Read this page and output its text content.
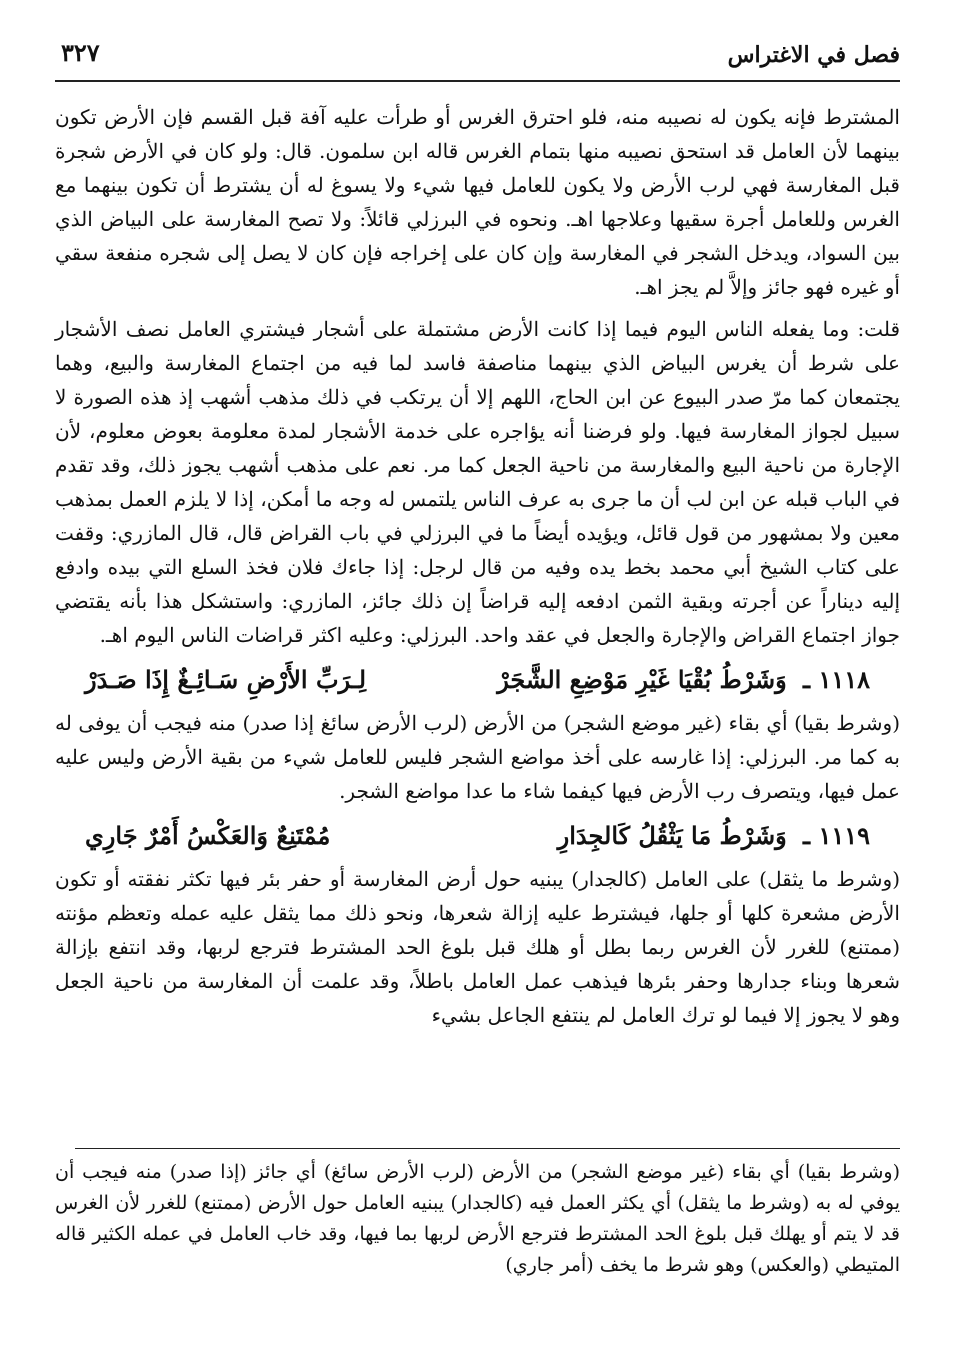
فصل في الاغتراس
٣٢٧

المشترط فإنه يكون له نصيبه منه، فلو احترق الغرس أو طرأت عليه آفة قبل القسم فإن الأرض تكون بينهما لأن العامل قد استحق نصيبه منها بتمام الغرس قاله ابن سلمون. قال: ولو كان في الأرض شجرة قبل المغارسة فهي لرب الأرض ولا يكون للعامل فيها شيء ولا يسوغ له أن يشترط أن تكون بينهما مع الغرس وللعامل أجرة سقيها وعلاجها اهـ. ونحوه في البرزلي قائلاً: ولا تصح المغارسة على البياض الذي بين السواد، ويدخل الشجر في المغارسة وإن كان على إخراجه فإن كان لا يصل إلى شجره منفعة سقي أو غيره فهو جائز وإلاَّ لم يجز اهـ.

قلت: وما يفعله الناس اليوم فيما إذا كانت الأرض مشتملة على أشجار فيشتري العامل نصف الأشجار على شرط أن يغرس البياض الذي بينهما مناصفة فاسد لما فيه من اجتماع المغارسة والبيع، وهما يجتمعان كما مرّ صدر البيوع عن ابن الحاج، اللهم إلا أن يرتكب في ذلك مذهب أشهب إذ هذه الصورة لا سبيل لجواز المغارسة فيها. ولو فرضنا أنه يؤاجره على خدمة الأشجار لمدة معلومة بعوض معلوم، لأن الإجارة من ناحية البيع والمغارسة من ناحية الجعل كما مر. نعم على مذهب أشهب يجوز ذلك، وقد تقدم في الباب قبله عن ابن لب أن ما جرى به عرف الناس يلتمس له وجه ما أمكن، إذا لا يلزم العمل بمذهب معين ولا بمشهور من قول قائل، ويؤيده أيضاً ما في البرزلي في باب القراض قال، قال المازري: وقفت على كتاب الشيخ أبي محمد بخط يده وفيه من قال لرجل: إذا جاءك فلان فخذ السلع التي بيده وادفع إليه ديناراً عن أجرته وبقية الثمن ادفعه إليه قراضاً إن ذلك جائز، المازري: واستشكل هذا بأنه يقتضي جواز اجتماع القراض والإجارة والجعل في عقد واحد. البرزلي: وعليه اكثر قراضات الناس اليوم اهـ.

١١١٨ ـ وَشَرْطُ بُقْيَا غَيْرِ مَوْضِعِ الشَّجَرْ
لِـرَبِّ الأَرْضِ سَـائِـغٌ إِذَا صَـدَرْ

(وشرط بقيا) أي بقاء (غير موضع الشجر) من الأرض (لرب الأرض سائغ إذا صدر) منه فيجب أن يوفى له به كما مر. البرزلي: إذا غارسه على أخذ مواضع الشجر فليس للعامل شيء من بقية الأرض وليس عليه عمل فيها، ويتصرف رب الأرض فيها كيفما شاء ما عدا مواضع الشجر.

١١١٩ ـ وَشَرْطُ مَا يَثْقُلُ كَالجِدَارِ
مُمْتَنِعٌ وَالعَكْسُ أَمْرٌ جَارِي

(وشرط ما يثقل) على العامل (كالجدار) يبنيه حول أرض المغارسة أو حفر بئر فيها تكثر نفقته أو تكون الأرض مشعرة كلها أو جلها، فيشترط عليه إزالة شعرها، ونحو ذلك مما يثقل عليه عمله وتعظم مؤنته (ممتنع) للغرر لأن الغرس ربما بطل أو هلك قبل بلوغ الحد المشترط فترجع لربها، وقد انتفع بإزالة شعرها وبناء جدارها وحفر بئرها فيذهب عمل العامل باطلاً، وقد علمت أن المغارسة من ناحية الجعل وهو لا يجوز إلا فيما لو ترك العامل لم ينتفع الجاعل بشيء

(وشرط بقيا) أي بقاء (غير موضع الشجر) من الأرض (لرب الأرض سائغ) أي جائز (إذا صدر) منه فيجب أن يوفي له به (وشرط ما يثقل) أي يكثر العمل فيه (كالجدار) يبنيه العامل حول الأرض (ممتنع) للغرر لأن الغرس قد لا يتم أو يهلك قبل بلوغ الحد المشترط فترجع الأرض لربها بما فيها، وقد خاب العامل في عمله الكثير قاله المتيطي (والعكس) وهو شرط ما يخف (أمر جاري)
